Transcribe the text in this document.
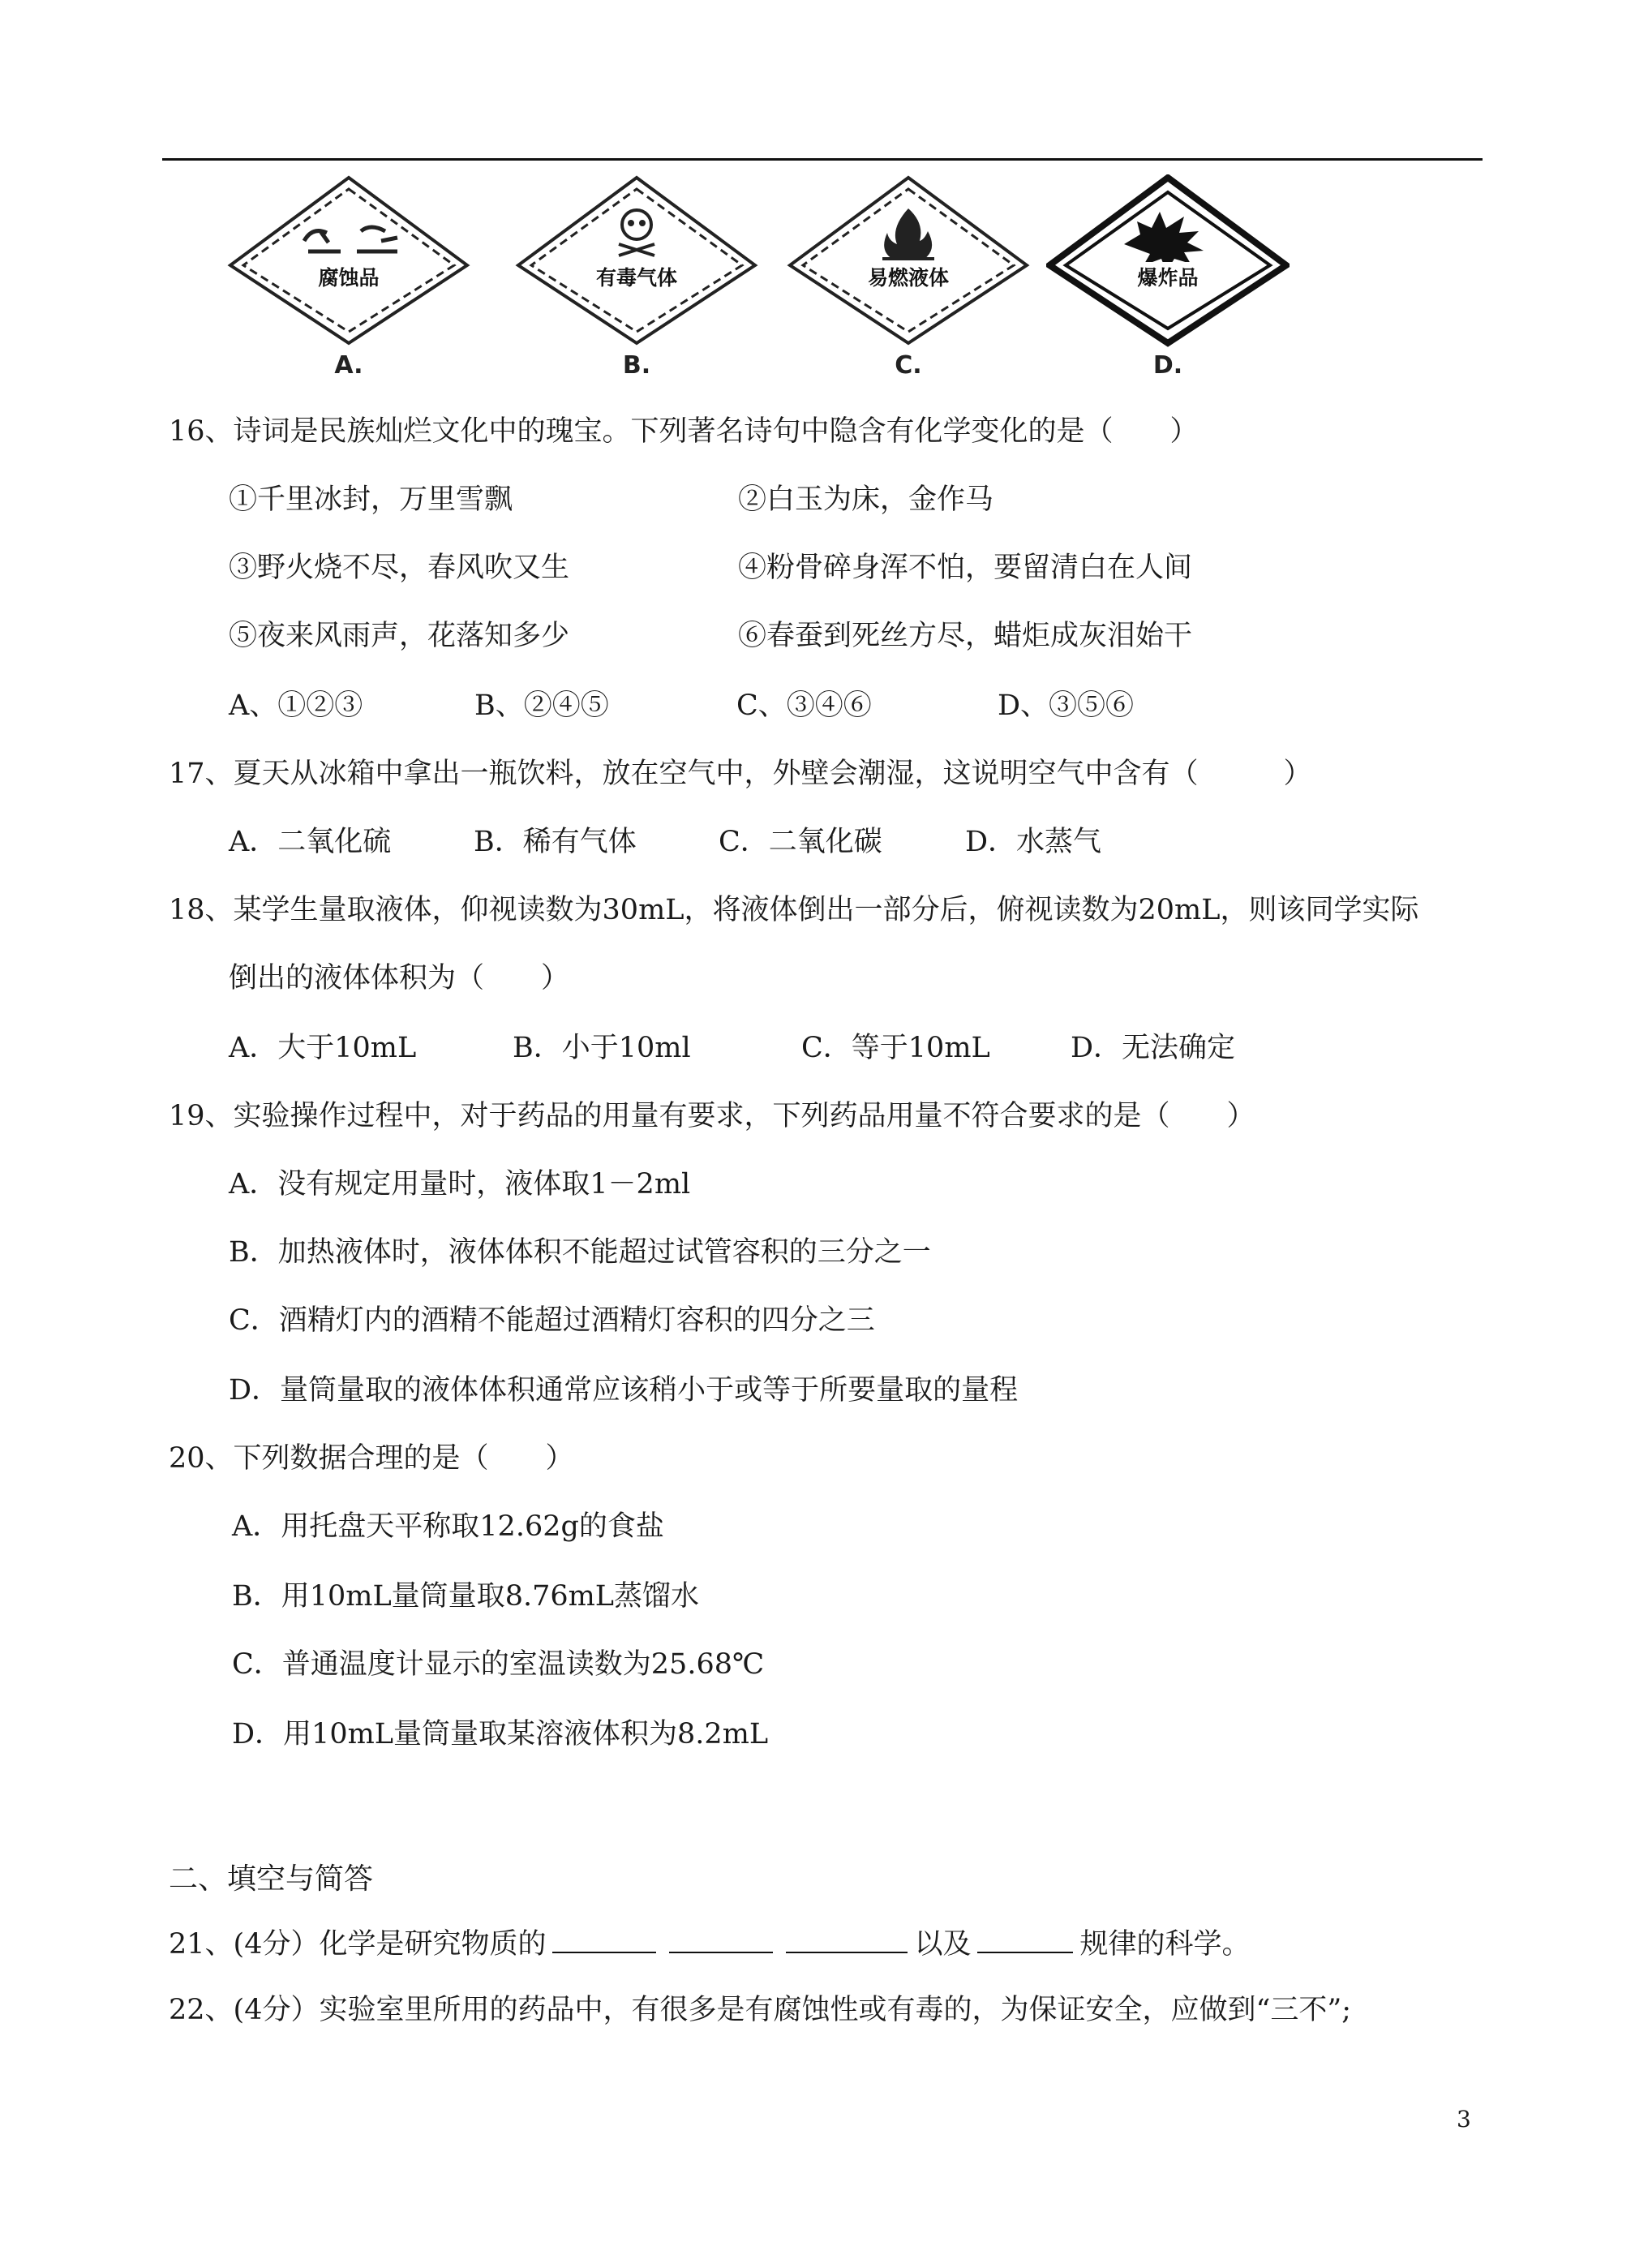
腐蚀品
A.
有毒气体
B.
易燃液体
C.
爆炸品
D.
16、诗词是民族灿烂文化中的瑰宝。下列著名诗句中隐含有化学变化的是（　　）
①千里冰封，万里雪飘	②白玉为床，金作马
③野火烧不尽，春风吹又生	④粉骨碎身浑不怕，要留清白在人间
⑤夜来风雨声，花落知多少	⑥春蚕到死丝方尽，蜡炬成灰泪始干
A、①②③	B、②④⑤	C、③④⑥	D、③⑤⑥
17、夏天从冰箱中拿出一瓶饮料，放在空气中，外壁会潮湿，这说明空气中含有（　　　）
A．二氧化硫	B．稀有气体	C．二氧化碳	D．水蒸气
18、某学生量取液体，仰视读数为30mL，将液体倒出一部分后，俯视读数为20mL，则该同学实际
倒出的液体体积为（　　）
A．大于10mL	B．小于10ml	C．等于10mL	D．无法确定
19、实验操作过程中，对于药品的用量有要求，下列药品用量不符合要求的是（　　）
A．没有规定用量时，液体取1－2ml
B．加热液体时，液体体积不能超过试管容积的三分之一
C．酒精灯内的酒精不能超过酒精灯容积的四分之三
D．量筒量取的液体体积通常应该稍小于或等于所要量取的量程
20、下列数据合理的是（　　）
A．用托盘天平称取12.62g的食盐
B．用10mL量筒量取8.76mL蒸馏水
C．普通温度计显示的室温读数为25.68℃
D．用10mL量筒量取某溶液体积为8.2mL
二、填空与简答
21、(4分）化学是研究物质的	以及	规律的科学。
22、(4分）实验室里所用的药品中，有很多是有腐蚀性或有毒的，为保证安全，应做到“三不”;
3
